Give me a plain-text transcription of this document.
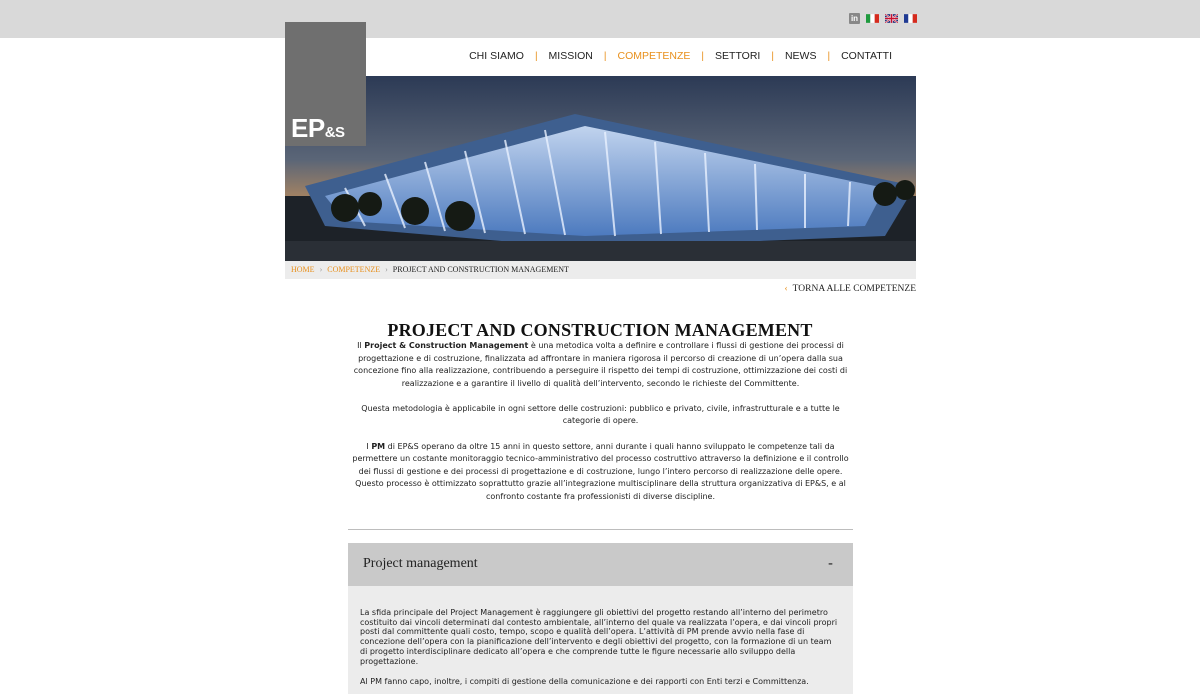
in
EP&S
CHI SIAMO	|	MISSION	|	COMPETENZE	|	SETTORI	|	NEWS	|	CONTATTI
HOME › COMPETENZE › PROJECT AND CONSTRUCTION MANAGEMENT
‹ TORNA ALLE COMPETENZE
PROJECT AND CONSTRUCTION MANAGEMENT

Il Project & Construction Management è una metodica volta a definire e controllare i flussi di gestione dei processi di progettazione e di costruzione, finalizzata ad affrontare in maniera rigorosa il percorso di creazione di un’opera dalla sua concezione fino alla realizzazione, contribuendo a perseguire il rispetto dei tempi di costruzione, ottimizzazione dei costi di realizzazione e a garantire il livello di qualità dell’intervento, secondo le richieste del Committente.

Questa metodologia è applicabile in ogni settore delle costruzioni: pubblico e privato, civile, infrastrutturale e a tutte le categorie di opere.

I PM di EP&S operano da oltre 15 anni in questo settore, anni durante i quali hanno sviluppato le competenze tali da permettere un costante monitoraggio tecnico-amministrativo del processo costruttivo attraverso la definizione e il controllo dei flussi di gestione e dei processi di progettazione e di costruzione, lungo l’intero percorso di realizzazione delle opere. Questo processo è ottimizzato soprattutto grazie all’integrazione multisciplinare della struttura organizzativa di EP&S, e al confronto costante fra professionisti di diverse discipline.

Project management	-

La sfida principale del Project Management è raggiungere gli obiettivi del progetto restando all’interno del perimetro costituito dai vincoli determinati dal contesto ambientale, all’interno del quale va realizzata l’opera, e dai vincoli propri posti dal committente quali costo, tempo, scopo e qualità dell’opera. L’attività di PM prende avvio nella fase di concezione dell’opera con la pianificazione dell’intervento e degli obiettivi del progetto, con la formazione di un team di progetto interdisciplinare dedicato all’opera e che comprende tutte le figure necessarie allo sviluppo della progettazione.

Al PM fanno capo, inoltre, i compiti di gestione della comunicazione e dei rapporti con Enti terzi e Committenza.
